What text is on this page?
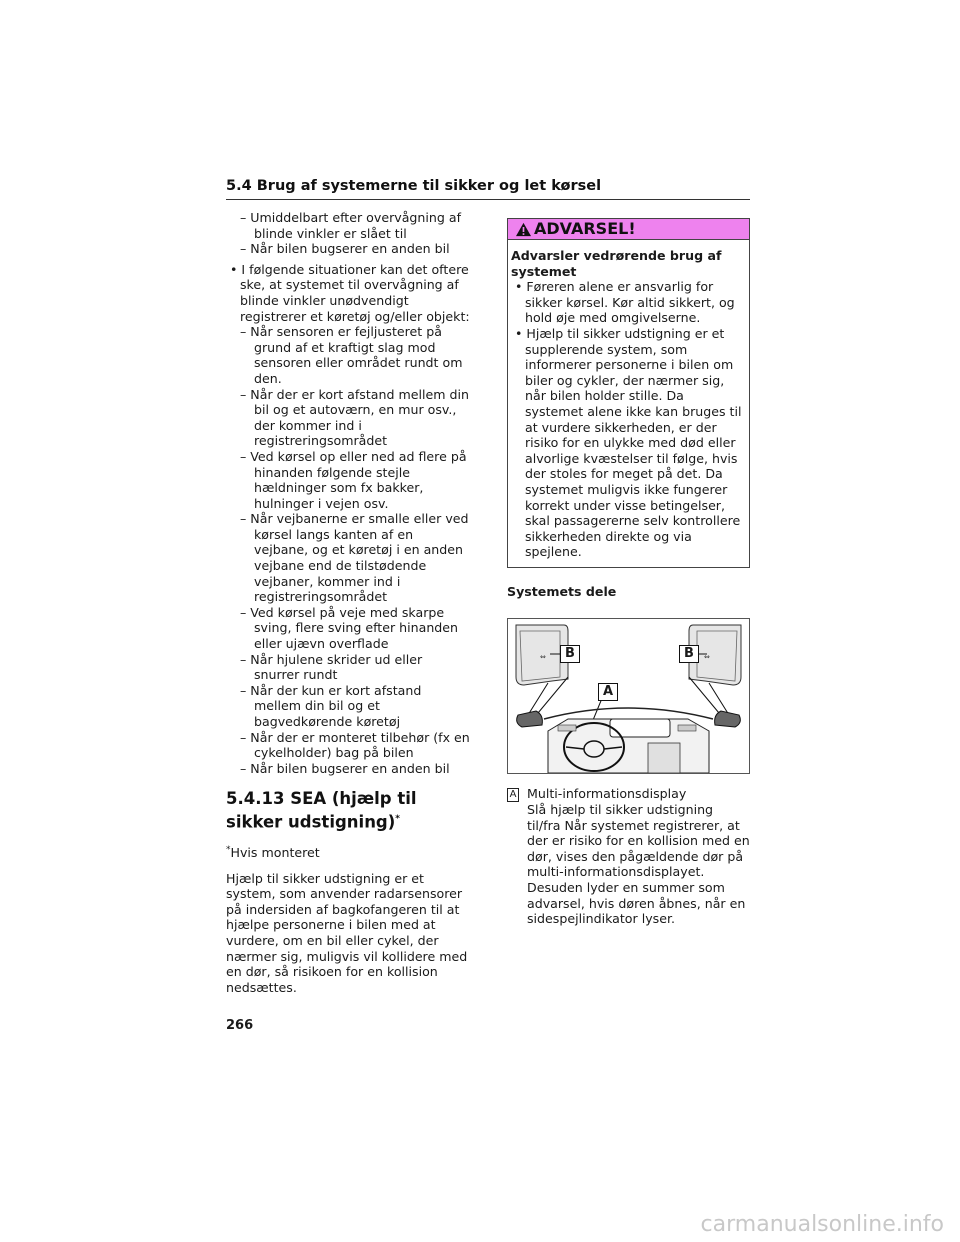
5.4 Brug af systemerne til sikker og let kørsel

– Umiddelbart efter overvågning af blinde vinkler er slået til

– Når bilen bugserer en anden bil

• I følgende situationer kan det oftere ske, at systemet til overvågning af blinde vinkler unødvendigt registrerer et køretøj og/eller objekt:

– Når sensoren er fejljusteret på grund af et kraftigt slag mod sensoren eller området rundt om den.

– Når der er kort afstand mellem din bil og et autoværn, en mur osv., der kommer ind i registreringsområdet

– Ved kørsel op eller ned ad flere på hinanden følgende stejle hældninger som fx bakker, hulninger i vejen osv.

– Når vejbanerne er smalle eller ved kørsel langs kanten af en vejbane, og et køretøj i en anden vejbane end de tilstødende vejbaner, kommer ind i registreringsområdet

– Ved kørsel på veje med skarpe sving, flere sving efter hinanden eller ujævn overflade

– Når hjulene skrider ud eller snurrer rundt

– Når der kun er kort afstand mellem din bil og et bagvedkørende køretøj

– Når der er monteret tilbehør (fx en cykelholder) bag på bilen

– Når bilen bugserer en anden bil

5.4.13 SEA (hjælp til sikker udstigning)*
*Hvis monteret
Hjælp til sikker udstigning er et system, som anvender radarsensorer på indersiden af bagkofangeren til at hjælpe personerne i bilen med at vurdere, om en bil eller cykel, der nærmer sig, muligvis vil kollidere med en dør, så risikoen for en kollision nedsættes.
ADVARSEL!
Advarsler vedrørende brug af systemet

• Føreren alene er ansvarlig for sikker kørsel. Kør altid sikkert, og hold øje med omgivelserne.

• Hjælp til sikker udstigning er et supplerende system, som informerer personerne i bilen om biler og cykler, der nærmer sig, når bilen holder stille. Da systemet alene ikke kan bruges til at vurdere sikkerheden, er der risiko for en ulykke med død eller alvorlige kvæstelser til følge, hvis der stoles for meget på det. Da systemet muligvis ikke fungerer korrekt under visse betingelser, skal passagererne selv kontrollere sikkerheden direkte og via spejlene.

Systemets dele
⇔	⇔
B	B
A
A Multi-informationsdisplay
Slå hjælp til sikker udstigning til/fra Når systemet registrerer, at der er risiko for en kollision med en dør, vises den pågældende dør på multi-informationsdisplayet. Desuden lyder en summer som advarsel, hvis døren åbnes, når en sidespejlindikator lyser.
266
carmanualsonline.info
